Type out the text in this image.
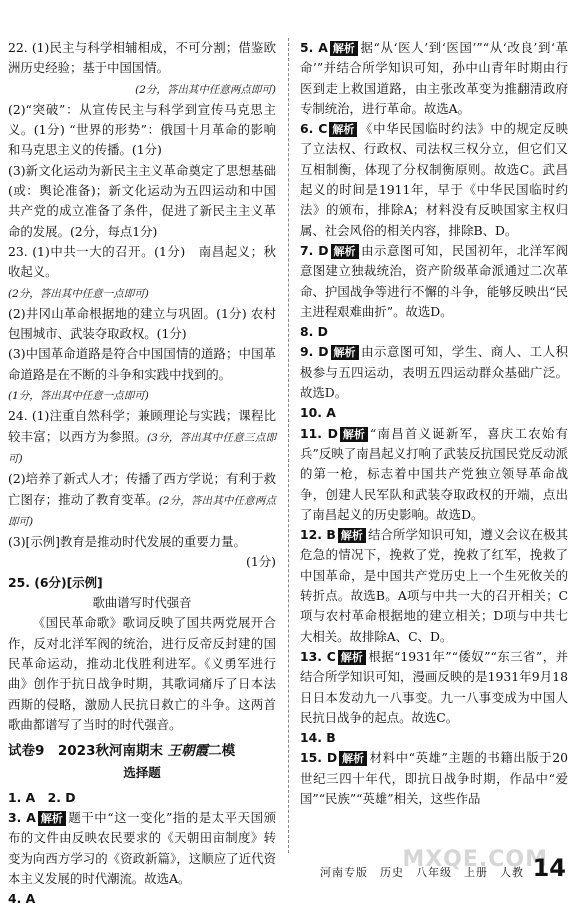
22. (1)民主与科学相辅相成，不可分割；借鉴欧洲历史经验；基于中国国情。

(2分，答出其中任意两点即可)

(2)“突破”：从宣传民主与科学到宣传马克思主义。(1分) “世界的形势”：俄国十月革命的影响和马克思主义的传播。(1分)

(3)新文化运动为新民主主义革命奠定了思想基础(或：舆论准备)；新文化运动为五四运动和中国共产党的成立准备了条件，促进了新民主主义革命的发展。(2分，每点1分)

23. (1)中共一大的召开。(1分)　南昌起义；秋收起义。

(2分，答出其中任意一点即可)

(2)井冈山革命根据地的建立与巩固。(1分) 农村包围城市、武装夺取政权。(1分)

(3)中国革命道路是符合中国国情的道路；中国革命道路是在不断的斗争和实践中找到的。

(1分，答出其中任意一点即可)

24. (1)注重自然科学；兼顾理论与实践；课程比较丰富；以西方为参照。(3分，答出其中任意三点即可)

(2)培养了新式人才；传播了西方学说；有利于救亡图存；推动了教育变革。(2分，答出其中任意两点即可)

(3)[示例]教育是推动时代发展的重要力量。

(1分)

25. (6分)[示例]

歌曲谱写时代强音

《国民革命歌》歌词反映了国共两党展开合作，反对北洋军阀的统治，进行反帝反封建的国民革命运动，推动北伐胜利进军。《义勇军进行曲》创作于抗日战争时期，其歌词痛斥了日本法西斯的侵略，激励人民抗日救亡的斗争。这两首歌曲都谱写了当时的时代强音。

试卷9　2023秋河南期末 王朝霞二模
选择题

1. A　2. D

3. A 解析 题干中“这一变化”指的是太平天国颁布的文件由反映农民要求的《天朝田亩制度》转变为向西方学习的《资政新篇》，这顺应了近代资本主义发展的时代潮流。故选A。

4. A

5. A 解析 据“从‘医人’到‘医国’”“从‘改良’到‘革命’”并结合所学知识可知，孙中山青年时期由行医到走上救国道路，由主张改革变为推翻清政府专制统治，进行革命。故选A。

6. C 解析 《中华民国临时约法》中的规定反映了立法权、行政权、司法权三权分立，但它们又互相制衡，体现了分权制衡原则。故选C。武昌起义的时间是1911年，早于《中华民国临时约法》的颁布，排除A；材料没有反映国家主权归属、社会风俗的相关内容，排除B、D。

7. D 解析 由示意图可知，民国初年，北洋军阀意图建立独裁统治，资产阶级革命派通过二次革命、护国战争等进行不懈的斗争，能够反映出“民主进程艰难曲折”。故选D。

8. D

9. D 解析 由示意图可知，学生、商人、工人积极参与五四运动，表明五四运动群众基础广泛。故选D。

10. A

11. D 解析 “南昌首义诞新军，喜庆工农始有兵”反映了南昌起义打响了武装反抗国民党反动派的第一枪，标志着中国共产党独立领导革命战争，创建人民军队和武装夺取政权的开端，点出了南昌起义的历史影响。故选D。

12. B 解析 结合所学知识可知，遵义会议在极其危急的情况下，挽救了党，挽救了红军，挽救了中国革命，是中国共产党历史上一个生死攸关的转折点。故选B。A项与中共一大的召开相关；C项与农村革命根据地的建立相关；D项与中共七大相关。故排除A、C、D。

13. C 解析 根据“1931年”“倭奴”“东三省”，并结合所学知识可知，漫画反映的是1931年9月18日日本发动九一八事变。九一八事变成为中国人民抗日战争的起点。故选C。

14. B

15. D 解析 材料中“英雄”主题的书籍出版于20世纪三四十年代，即抗日战争时期，作品中“爱国”“民族”“英雄”相关，这些作品

MXQE.COM
河南专版　历史　八年级　上册　人教 14
